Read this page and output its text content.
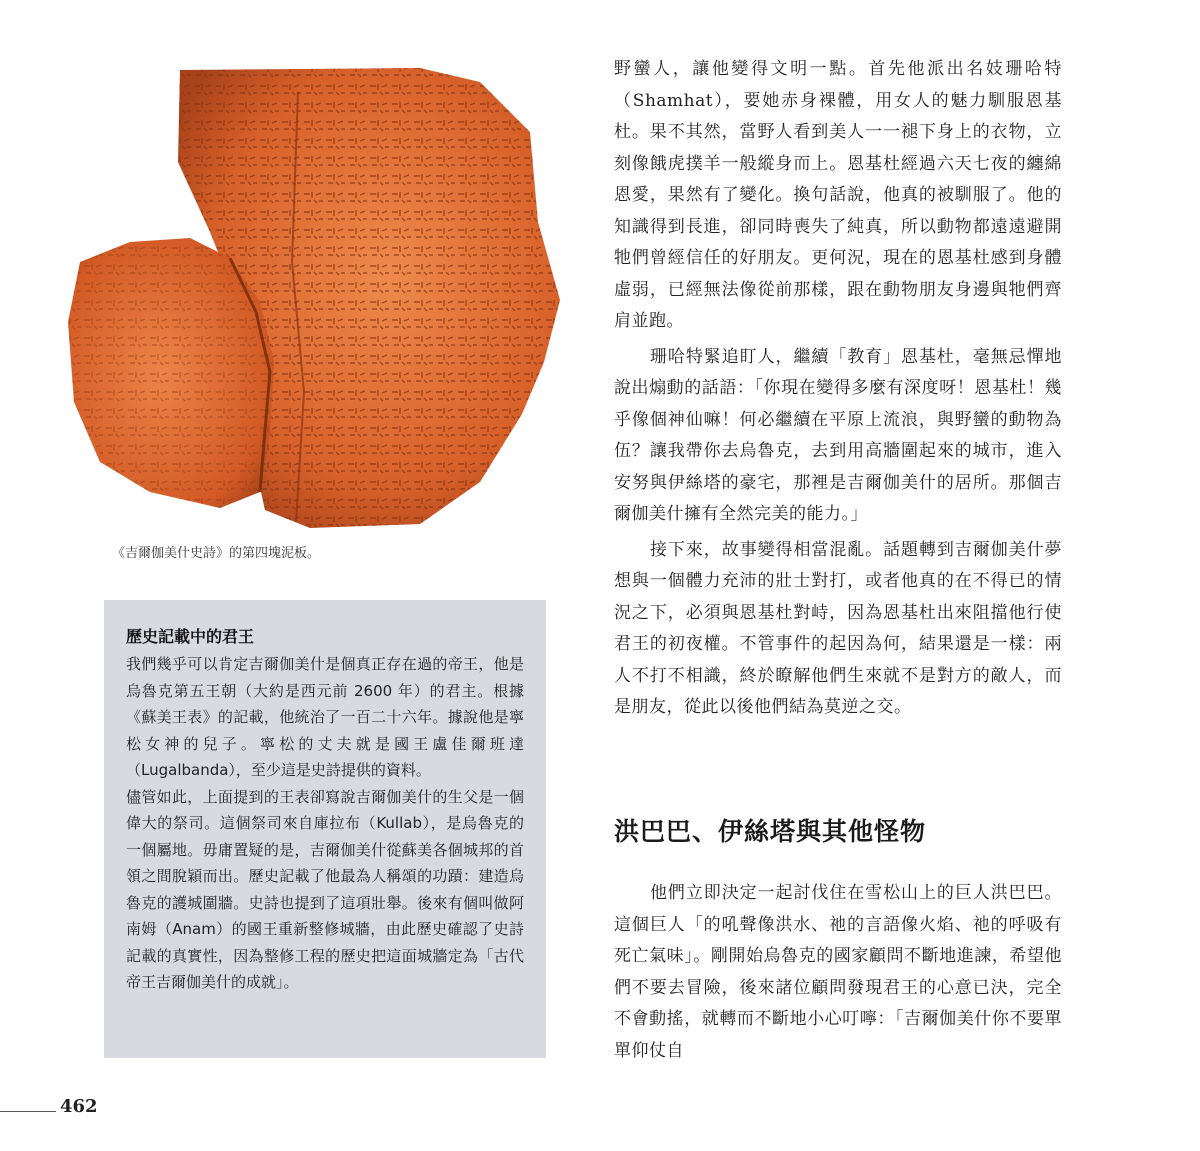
《吉爾伽美什史詩》的第四塊泥板。

歷史記載中的君王

我們幾乎可以肯定吉爾伽美什是個真正存在過的帝王，他是烏魯克第五王朝（大約是西元前 2600 年）的君主。根據《蘇美王表》的記載，他統治了一百二十六年。據說他是寧松女神的兒子。寧松的丈夫就是國王盧佳爾班達（Lugalbanda），至少這是史詩提供的資料。

儘管如此，上面提到的王表卻寫說吉爾伽美什的生父是一個偉大的祭司。這個祭司來自庫拉布（Kullab），是烏魯克的一個屬地。毋庸置疑的是，吉爾伽美什從蘇美各個城邦的首領之間脫穎而出。歷史記載了他最為人稱頌的功蹟：建造烏魯克的護城圍牆。史詩也提到了這項壯舉。後來有個叫做阿南姆（Anam）的國王重新整修城牆，由此歷史確認了史詩記載的真實性，因為整修工程的歷史把這面城牆定為「古代帝王吉爾伽美什的成就」。

野蠻人，讓他變得文明一點。首先他派出名妓珊哈特（Shamhat），要她赤身裸體，用女人的魅力馴服恩基杜。果不其然，當野人看到美人一一褪下身上的衣物，立刻像餓虎撲羊一般縱身而上。恩基杜經過六天七夜的纏綿恩愛，果然有了變化。換句話說，他真的被馴服了。他的知識得到長進，卻同時喪失了純真，所以動物都遠遠避開牠們曾經信任的好朋友。更何況，現在的恩基杜感到身體虛弱，已經無法像從前那樣，跟在動物朋友身邊與牠們齊肩並跑。

珊哈特緊追盯人，繼續「教育」恩基杜，毫無忌憚地說出煽動的話語：「你現在變得多麼有深度呀！恩基杜！幾乎像個神仙嘛！何必繼續在平原上流浪，與野蠻的動物為伍？讓我帶你去烏魯克，去到用高牆圍起來的城市，進入安努與伊絲塔的豪宅，那裡是吉爾伽美什的居所。那個吉爾伽美什擁有全然完美的能力。」

接下來，故事變得相當混亂。話題轉到吉爾伽美什夢想與一個體力充沛的壯士對打，或者他真的在不得已的情況之下，必須與恩基杜對峙，因為恩基杜出來阻擋他行使君王的初夜權。不管事件的起因為何，結果還是一樣：兩人不打不相識，終於瞭解他們生來就不是對方的敵人，而是朋友，從此以後他們結為莫逆之交。

洪巴巴、伊絲塔與其他怪物

他們立即決定一起討伐住在雪松山上的巨人洪巴巴。這個巨人「的吼聲像洪水、祂的言語像火焰、祂的呼吸有死亡氣味」。剛開始烏魯克的國家顧問不斷地進諫，希望他們不要去冒險，後來諸位顧問發現君王的心意已決，完全不會動搖，就轉而不斷地小心叮嚀：「吉爾伽美什你不要單單仰仗自

462
